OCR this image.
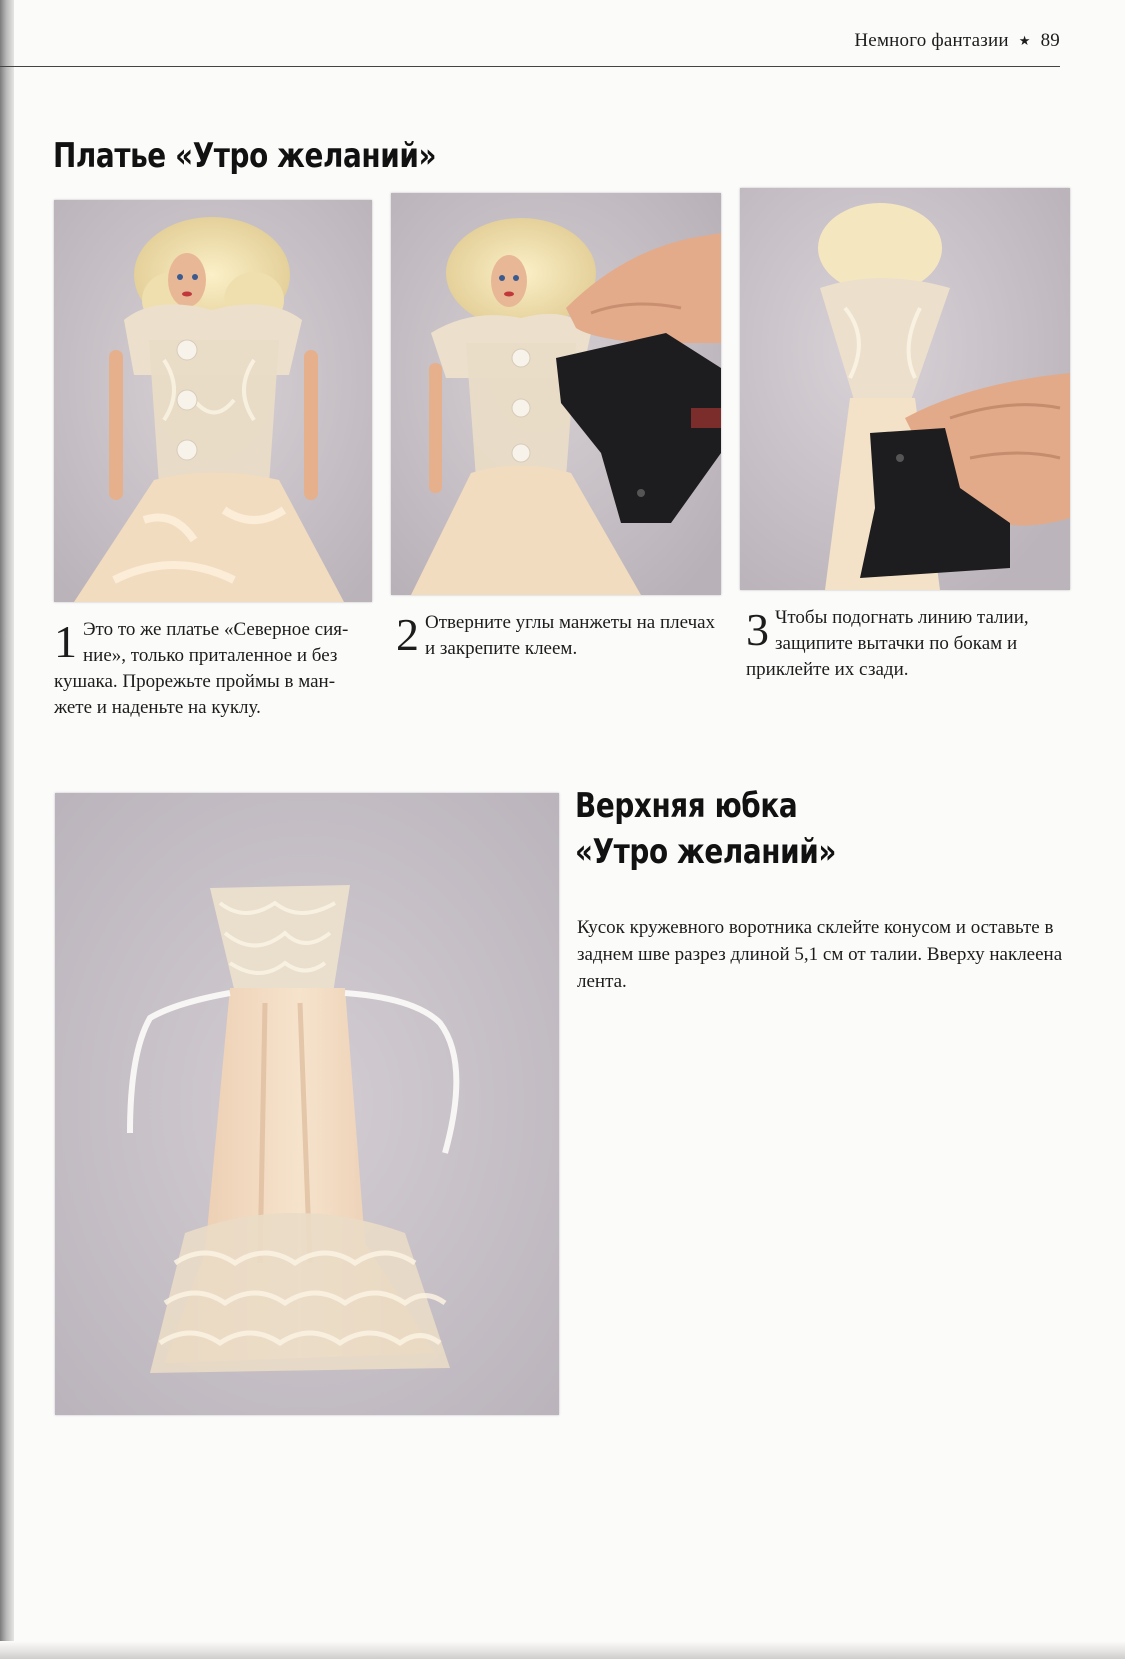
Немного фантазии ★ 89
Платье «Утро желаний»
1 Это то же платье «Северное сия- ние», только приталенное и без кушака. Прорежьте проймы в ман-жете и наденьте на куклу.
2 Отверните углы манжеты на плечах и закрепите клеем.	3 Чтобы подогнать линию талии, защипите вытачки по бокам и приклейте их сзади.
Верхняя юбка
«Утро желаний»

Кусок кружевного воротника склейте конусом и оставьте в заднем шве разрез длиной 5,1 см от талии. Вверху наклеена лента.
